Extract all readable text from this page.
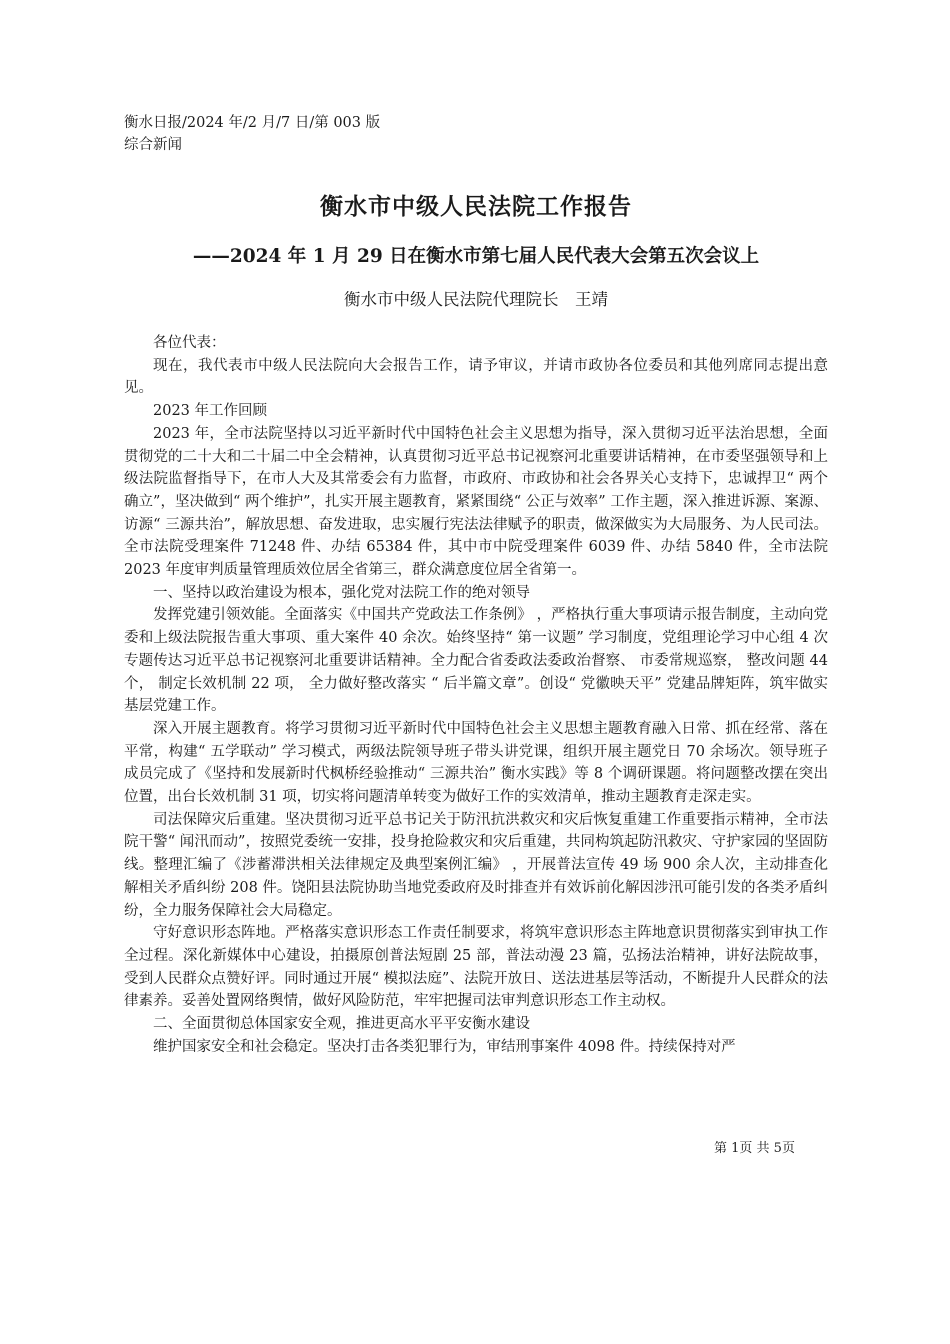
衡水日报/2024 年/2 月/7 日/第 003 版综合新闻

衡水市中级人民法院工作报告
——2024 年 1 月 29 日在衡水市第七届人民代表大会第五次会议上
衡水市中级人民法院代理院长　王靖

各位代表：

现在，我代表市中级人民法院向大会报告工作，请予审议，并请市政协各位委员和其他列席同志提出意见。

2023 年工作回顾

2023 年，全市法院坚持以习近平新时代中国特色社会主义思想为指导，深入贯彻习近平法治思想，全面贯彻党的二十大和二十届二中全会精神，认真贯彻习近平总书记视察河北重要讲话精神，在市委坚强领导和上级法院监督指导下，在市人大及其常委会有力监督，市政府、市政协和社会各界关心支持下，忠诚捍卫“ 两个确立”，坚决做到“ 两个维护”，扎实开展主题教育，紧紧围绕“ 公正与效率” 工作主题，深入推进诉源、案源、访源“ 三源共治”，解放思想、奋发进取，忠实履行宪法法律赋予的职责，做深做实为大局服务、为人民司法。全市法院受理案件 71248 件、办结 65384 件，其中市中院受理案件 6039 件、办结 5840 件，全市法院 2023 年度审判质量管理质效位居全省第三，群众满意度位居全省第一。

一、坚持以政治建设为根本，强化党对法院工作的绝对领导

发挥党建引领效能。全面落实《中国共产党政法工作条例》 ，严格执行重大事项请示报告制度，主动向党委和上级法院报告重大事项、重大案件 40 余次。始终坚持“ 第一议题” 学习制度，党组理论学习中心组 4 次专题传达习近平总书记视察河北重要讲话精神。全力配合省委政法委政治督察、 市委常规巡察， 整改问题 44 个， 制定长效机制 22 项， 全力做好整改落实 “ 后半篇文章”。创设“ 党徽映天平” 党建品牌矩阵，筑牢做实基层党建工作。

深入开展主题教育。将学习贯彻习近平新时代中国特色社会主义思想主题教育融入日常、抓在经常、落在平常，构建“ 五学联动” 学习模式，两级法院领导班子带头讲党课，组织开展主题党日 70 余场次。领导班子成员完成了《坚持和发展新时代枫桥经验推动“ 三源共治” 衡水实践》等 8 个调研课题。将问题整改摆在突出位置，出台长效机制 31 项，切实将问题清单转变为做好工作的实效清单，推动主题教育走深走实。

司法保障灾后重建。坚决贯彻习近平总书记关于防汛抗洪救灾和灾后恢复重建工作重要指示精神，全市法院干警“ 闻汛而动”，按照党委统一安排，投身抢险救灾和灾后重建，共同构筑起防汛救灾、守护家园的坚固防线。整理汇编了《涉蓄滞洪相关法律规定及典型案例汇编》 ，开展普法宣传 49 场 900 余人次，主动排查化解相关矛盾纠纷 208 件。饶阳县法院协助当地党委政府及时排查并有效诉前化解因涉汛可能引发的各类矛盾纠纷，全力服务保障社会大局稳定。

守好意识形态阵地。严格落实意识形态工作责任制要求，将筑牢意识形态主阵地意识贯彻落实到审执工作全过程。深化新媒体中心建设，拍摄原创普法短剧 25 部，普法动漫 23 篇，弘扬法治精神，讲好法院故事，受到人民群众点赞好评。同时通过开展“ 模拟法庭”、法院开放日、送法进基层等活动，不断提升人民群众的法律素养。妥善处置网络舆情，做好风险防范，牢牢把握司法审判意识形态工作主动权。

二、全面贯彻总体国家安全观，推进更高水平平安衡水建设

维护国家安全和社会稳定。坚决打击各类犯罪行为，审结刑事案件 4098 件。持续保持对严

第 1页 共 5页
